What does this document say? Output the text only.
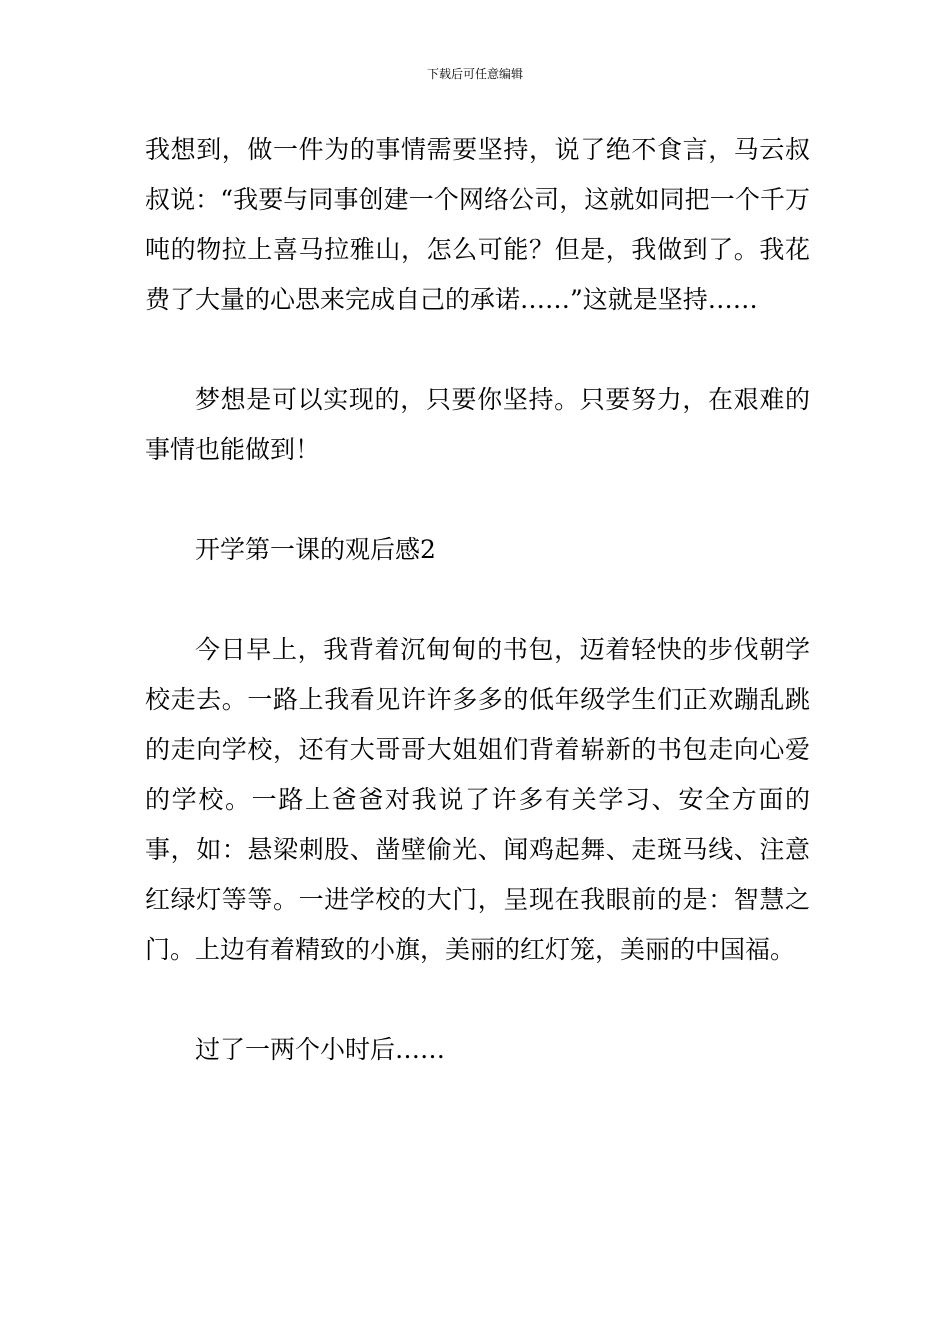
下载后可任意编辑

我想到，做一件为的事情需要坚持，说了绝不食言，马云叔叔说：“我要与同事创建一个网络公司，这就如同把一个千万吨的物拉上喜马拉雅山，怎么可能？但是，我做到了。我花费了大量的心思来完成自己的承诺……”这就是坚持……

梦想是可以实现的，只要你坚持。只要努力，在艰难的事情也能做到！

开学第一课的观后感2

今日早上，我背着沉甸甸的书包，迈着轻快的步伐朝学校走去。一路上我看见许许多多的低年级学生们正欢蹦乱跳的走向学校，还有大哥哥大姐姐们背着崭新的书包走向心爱的学校。一路上爸爸对我说了许多有关学习、安全方面的事，如：悬梁刺股、凿壁偷光、闻鸡起舞、走斑马线、注意红绿灯等等。一进学校的大门，呈现在我眼前的是：智慧之门。上边有着精致的小旗，美丽的红灯笼，美丽的中国福。

过了一两个小时后……
